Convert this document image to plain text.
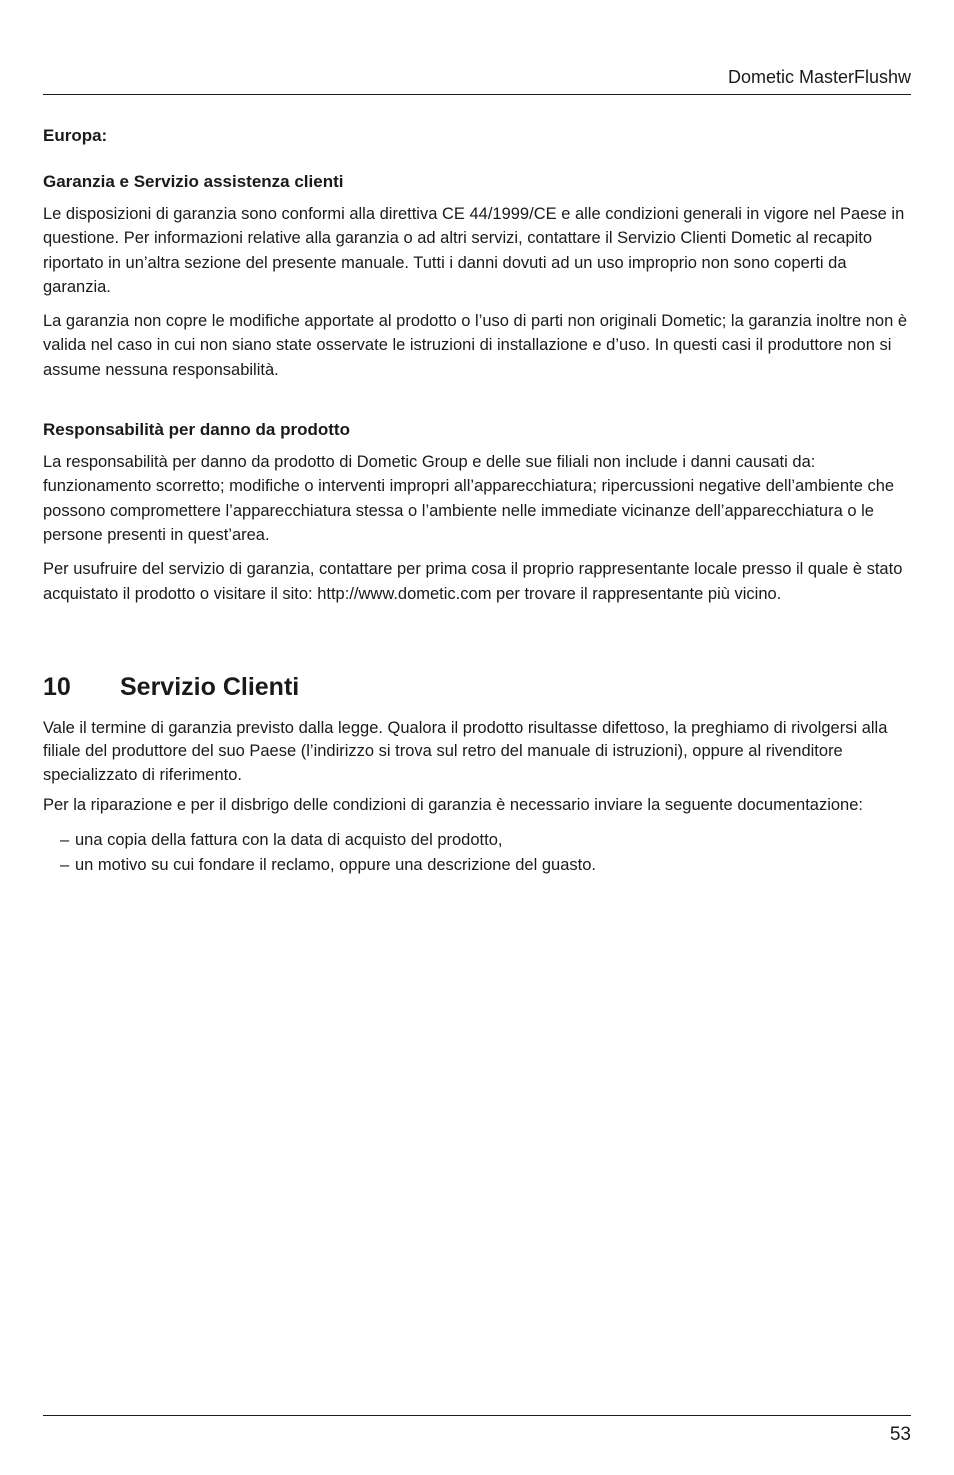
Dometic MasterFlushw
Europa:
Garanzia e Servizio assistenza clienti

Le disposizioni di garanzia sono conformi alla direttiva CE 44/1999/CE e alle condizioni generali in vigore nel Paese in questione. Per informazioni relative alla garanzia o ad altri servizi, contattare il Servizio Clienti Dometic al recapito riportato in un’altra sezione del presente manuale. Tutti i danni dovuti ad un uso improprio non sono coperti da garanzia.

La garanzia non copre le modifiche apportate al prodotto o l’uso di parti non originali Dometic; la garanzia inoltre non è valida nel caso in cui non siano state osservate le istruzioni di installazione e d’uso. In questi casi il produttore non si assume nessuna responsabilità.

Responsabilità per danno da prodotto

La responsabilità per danno da prodotto di Dometic Group e delle sue filiali non include i danni causati da: funzionamento scorretto; modifiche o interventi impropri all’apparecchiatura; ripercussioni negative dell’ambiente che possono compromettere l’apparecchiatura stessa o l’ambiente nelle immediate vicinanze dell’apparecchiatura o le persone presenti in quest’area.

Per usufruire del servizio di garanzia, contattare per prima cosa il proprio rappresentante locale presso il quale è stato acquistato il prodotto o visitare il sito: http://www.dometic.com per trovare il rappresentante più vicino.

10	Servizio Clienti

Vale il termine di garanzia previsto dalla legge. Qualora il prodotto risultasse difettoso, la preghiamo di rivolgersi alla filiale del produttore del suo Paese (l’indirizzo si trova sul retro del manuale di istruzioni), oppure al rivenditore specializzato di riferimento.

Per la riparazione e per il disbrigo delle condizioni di garanzia è necessario inviare la seguente documentazione:

– una copia della fattura con la data di acquisto del prodotto,
– un motivo su cui fondare il reclamo, oppure una descrizione del guasto.
53
